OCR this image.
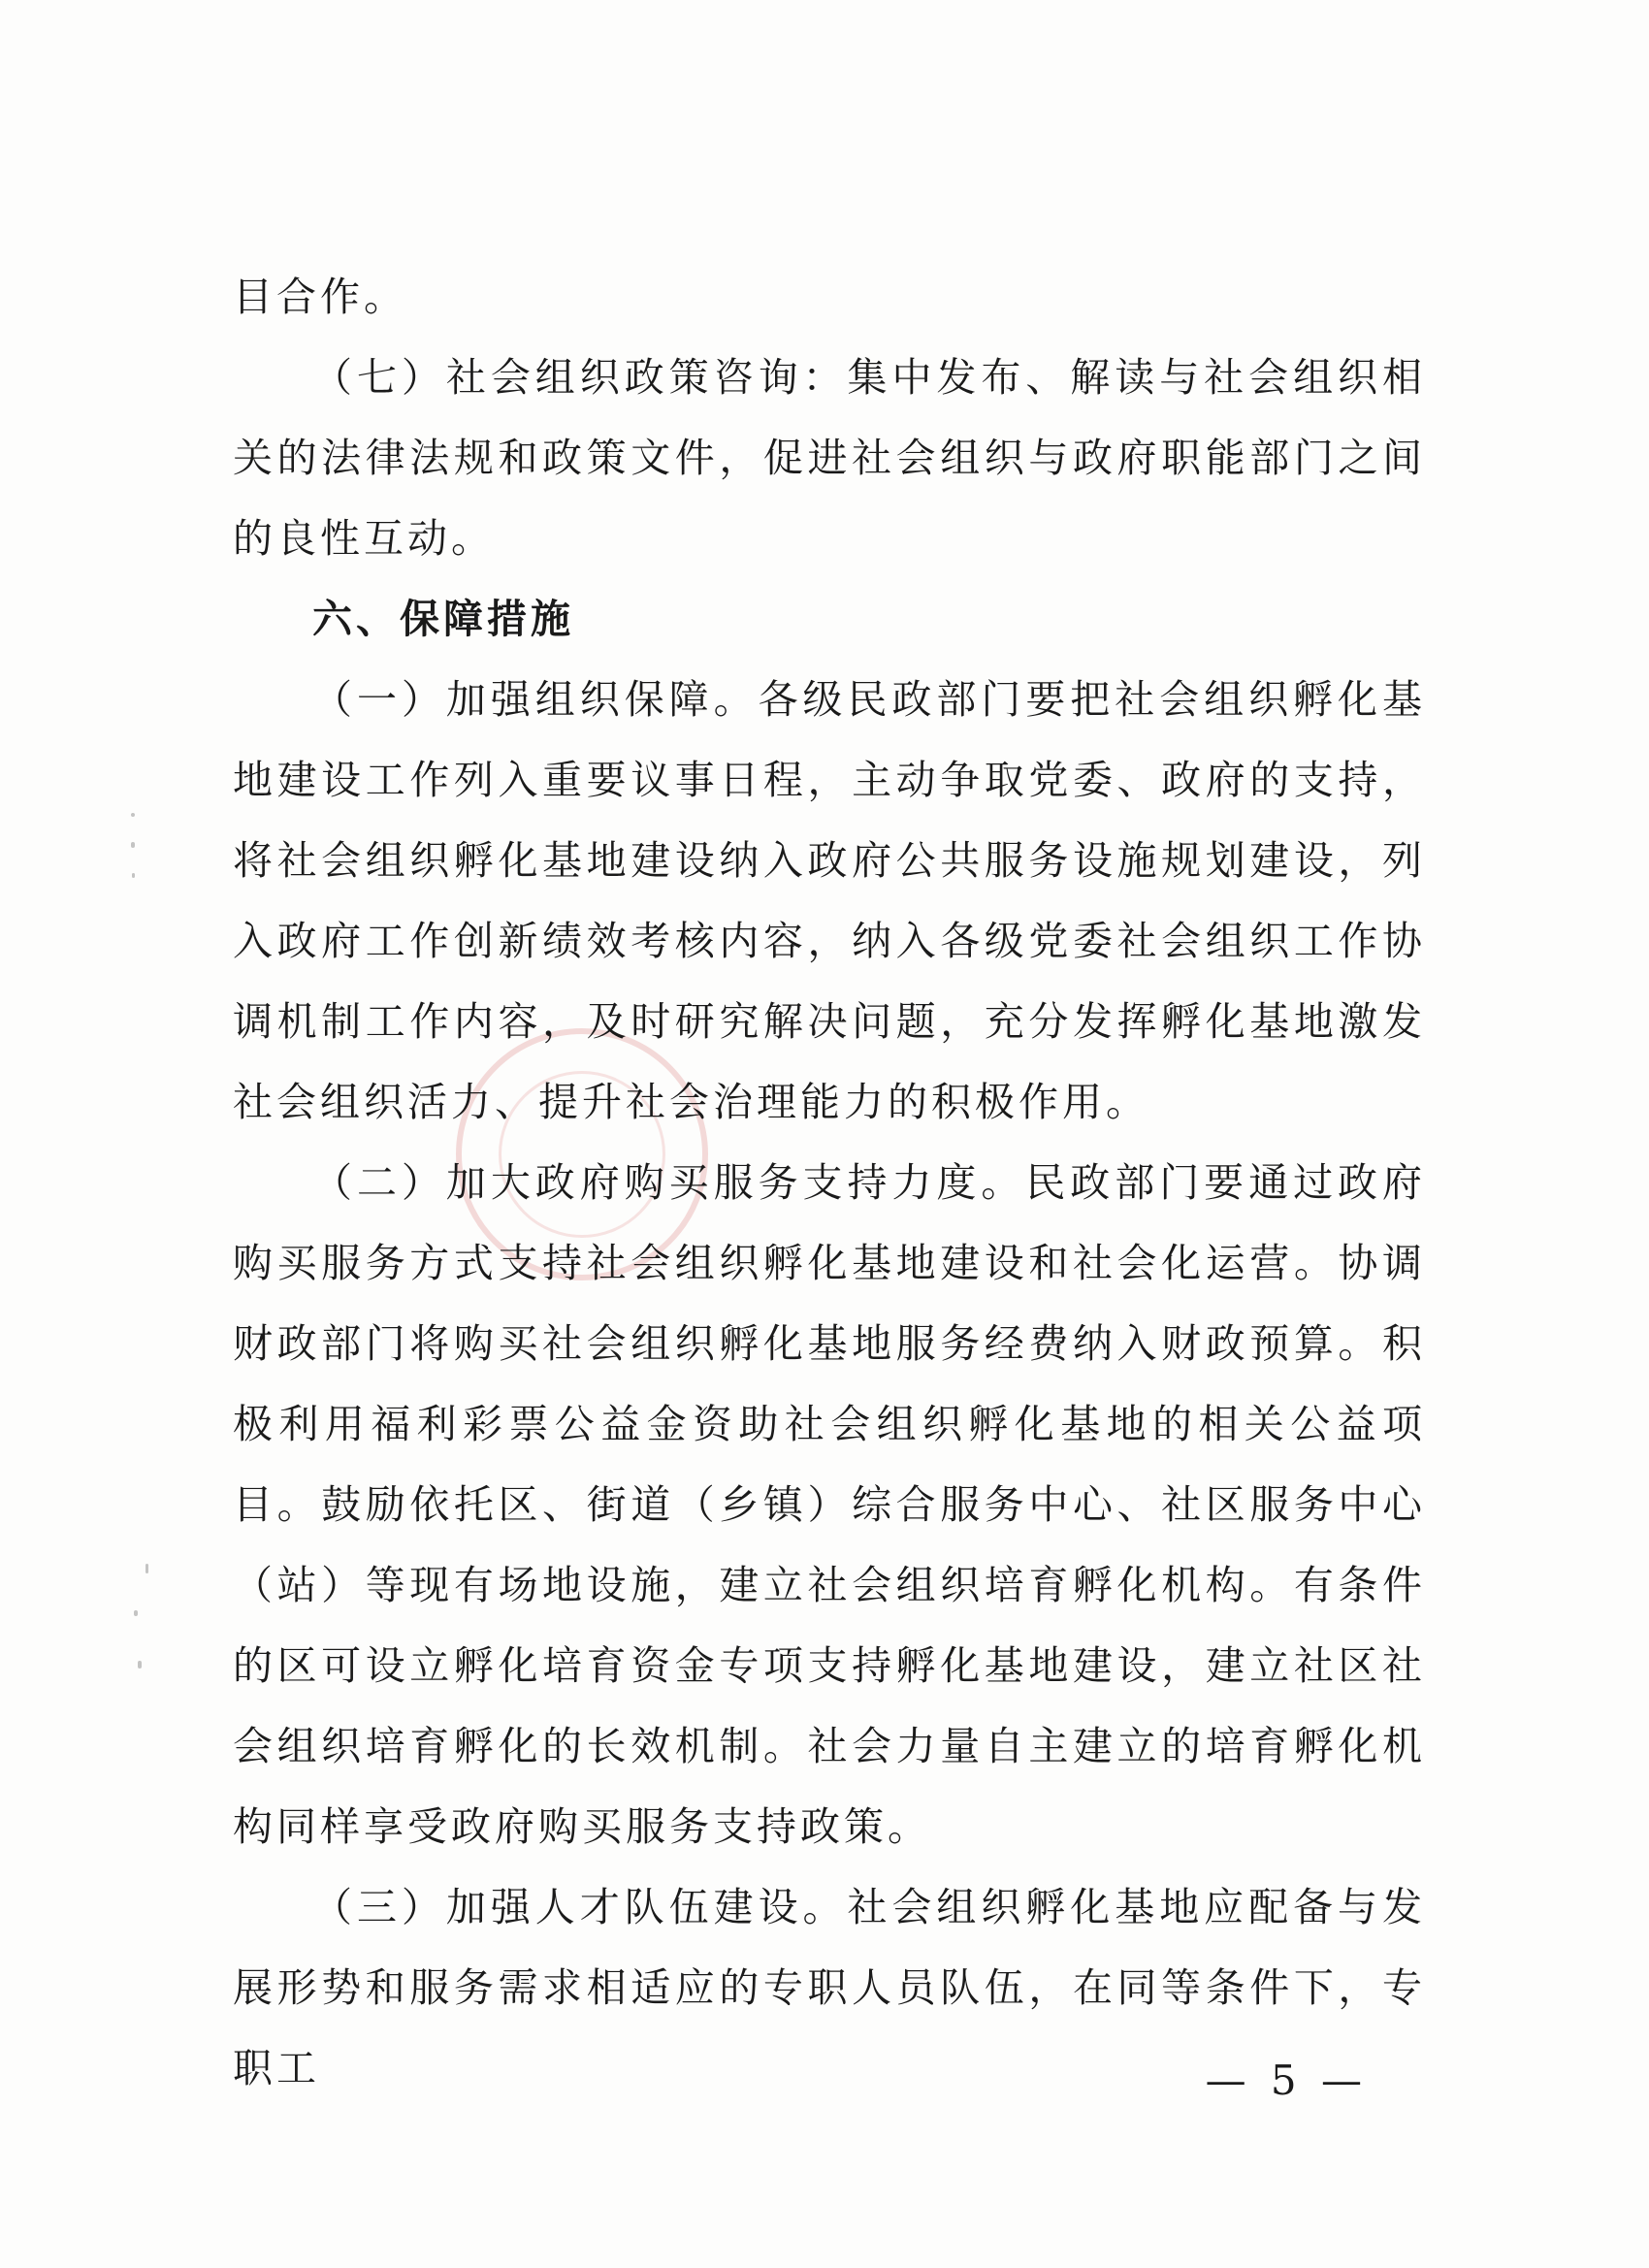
目合作。

（七）社会组织政策咨询：集中发布、解读与社会组织相关的法律法规和政策文件，促进社会组织与政府职能部门之间的良性互动。

六、保障措施

（一）加强组织保障。各级民政部门要把社会组织孵化基地建设工作列入重要议事日程，主动争取党委、政府的支持，将社会组织孵化基地建设纳入政府公共服务设施规划建设，列入政府工作创新绩效考核内容，纳入各级党委社会组织工作协调机制工作内容，及时研究解决问题，充分发挥孵化基地激发社会组织活力、提升社会治理能力的积极作用。

（二）加大政府购买服务支持力度。民政部门要通过政府购买服务方式支持社会组织孵化基地建设和社会化运营。协调财政部门将购买社会组织孵化基地服务经费纳入财政预算。积极利用福利彩票公益金资助社会组织孵化基地的相关公益项目。鼓励依托区、街道（乡镇）综合服务中心、社区服务中心（站）等现有场地设施，建立社会组织培育孵化机构。有条件的区可设立孵化培育资金专项支持孵化基地建设，建立社区社会组织培育孵化的长效机制。社会力量自主建立的培育孵化机构同样享受政府购买服务支持政策。

（三）加强人才队伍建设。社会组织孵化基地应配备与发展形势和服务需求相适应的专职人员队伍，在同等条件下，专职工	— 5 —
